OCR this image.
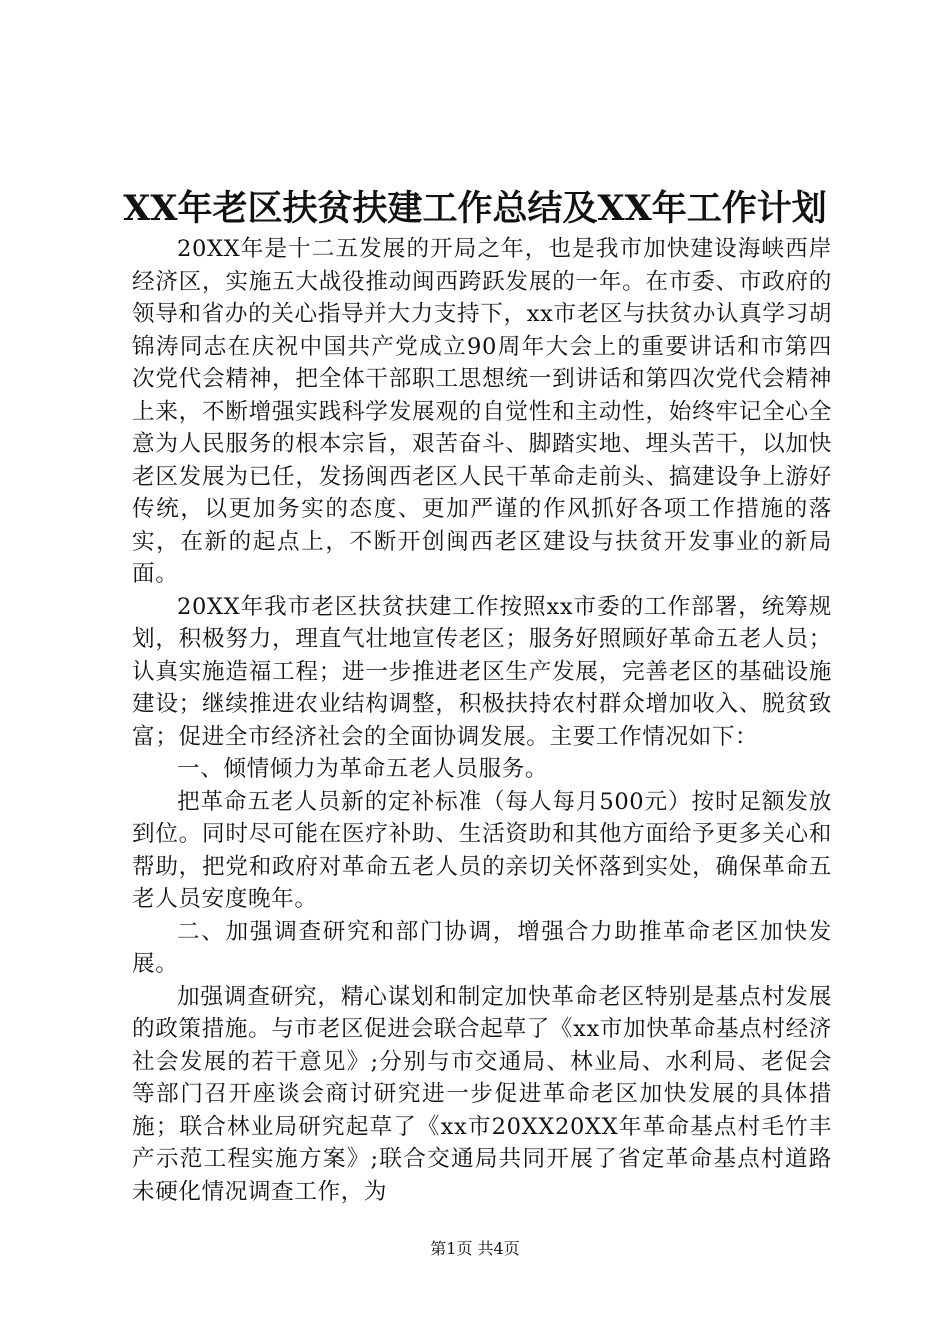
XX年老区扶贫扶建工作总结及XX年工作计划

20XX年是十二五发展的开局之年，也是我市加快建设海峡西岸经济区，实施五大战役推动闽西跨跃发展的一年。在市委、市政府的领导和省办的关心指导并大力支持下，xx市老区与扶贫办认真学习胡锦涛同志在庆祝中国共产党成立90周年大会上的重要讲话和市第四次党代会精神，把全体干部职工思想统一到讲话和第四次党代会精神上来，不断增强实践科学发展观的自觉性和主动性，始终牢记全心全意为人民服务的根本宗旨，艰苦奋斗、脚踏实地、埋头苦干，以加快老区发展为已任，发扬闽西老区人民干革命走前头、搞建设争上游好传统，以更加务实的态度、更加严谨的作风抓好各项工作措施的落实，在新的起点上，不断开创闽西老区建设与扶贫开发事业的新局面。

20XX年我市老区扶贫扶建工作按照xx市委的工作部署，统筹规划，积极努力，理直气壮地宣传老区；服务好照顾好革命五老人员；认真实施造福工程；进一步推进老区生产发展，完善老区的基础设施建设；继续推进农业结构调整，积极扶持农村群众增加收入、脱贫致富；促进全市经济社会的全面协调发展。主要工作情况如下：

一、倾情倾力为革命五老人员服务。

把革命五老人员新的定补标准（每人每月500元）按时足额发放到位。同时尽可能在医疗补助、生活资助和其他方面给予更多关心和帮助，把党和政府对革命五老人员的亲切关怀落到实处，确保革命五老人员安度晚年。

二、加强调查研究和部门协调，增强合力助推革命老区加快发展。

加强调查研究，精心谋划和制定加快革命老区特别是基点村发展的政策措施。与市老区促进会联合起草了《xx市加快革命基点村经济社会发展的若干意见》;分别与市交通局、林业局、水利局、老促会等部门召开座谈会商讨研究进一步促进革命老区加快发展的具体措施；联合林业局研究起草了《xx市20XX20XX年革命基点村毛竹丰产示范工程实施方案》;联合交通局共同开展了省定革命基点村道路未硬化情况调查工作，为

第1页 共4页
